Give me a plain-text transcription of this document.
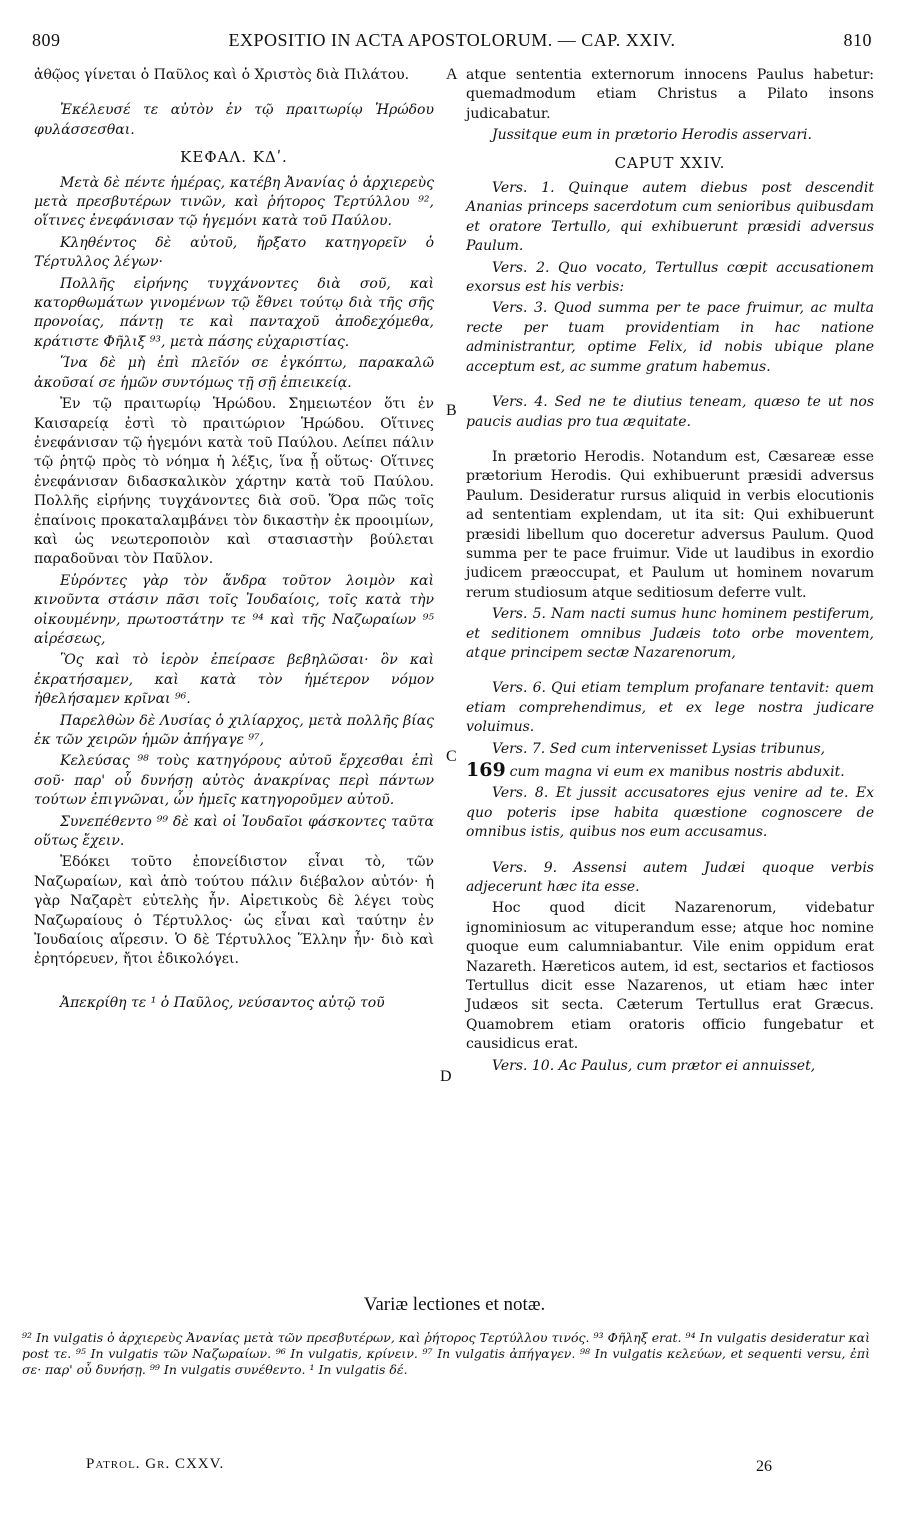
809	EXPOSITIO IN ACTA APOSTOLORUM. — CAP. XXIV.	810

ἀθῷος γίνεται ὁ Παῦλος καὶ ὁ Χριστὸς διὰ Πιλάτου.

Ἐκέλευσέ τε αὐτὸν ἐν τῷ πραιτωρίῳ Ἡρώδου φυλάσσεσθαι.

ΚΕΦΑΛ. ΚΔʹ.

Μετὰ δὲ πέντε ἡμέρας, κατέβη Ἀνανίας ὁ ἀρχιερεὺς μετὰ πρεσβυτέρων τινῶν, καὶ ῥήτορος Τερτύλλου ⁹², οἵτινες ἐνεφάνισαν τῷ ἡγεμόνι κατὰ τοῦ Παύλου.

Κληθέντος δὲ αὐτοῦ, ἤρξατο κατηγορεῖν ὁ Τέρτυλλος λέγων·

Πολλῆς εἰρήνης τυγχάνοντες διὰ σοῦ, καὶ κατορθωμάτων γινομένων τῷ ἔθνει τούτῳ διὰ τῆς σῆς προνοίας, πάντῃ τε καὶ πανταχοῦ ἀποδεχόμεθα, κράτιστε Φῆλιξ ⁹³, μετὰ πάσης εὐχαριστίας.

Ἵνα δὲ μὴ ἐπὶ πλεῖόν σε ἐγκόπτω, παρακαλῶ ἀκοῦσαί σε ἡμῶν συντόμως τῇ σῇ ἐπιεικείᾳ.

Ἐν τῷ πραιτωρίῳ Ἡρώδου. Σημειωτέον ὅτι ἐν Καισαρείᾳ ἐστὶ τὸ πραιτώριον Ἡρώδου. Οἵτινες ἐνεφάνισαν τῷ ἡγεμόνι κατὰ τοῦ Παύλου. Λείπει πάλιν τῷ ῥητῷ πρὸς τὸ νόημα ἡ λέξις, ἵνα ᾖ οὕτως· Οἵτινες ἐνεφάνισαν διδασκαλικὸν χάρτην κατὰ τοῦ Παύλου. Πολλῆς εἰρήνης τυγχάνοντες διὰ σοῦ. Ὅρα πῶς τοῖς ἐπαίνοις προκαταλαμβάνει τὸν δικαστὴν ἐκ προοιμίων, καὶ ὡς νεωτεροποιὸν καὶ στασιαστὴν βούλεται παραδοῦναι τὸν Παῦλον.

Εὑρόντες γὰρ τὸν ἄνδρα τοῦτον λοιμὸν καὶ κινοῦντα στάσιν πᾶσι τοῖς Ἰουδαίοις, τοῖς κατὰ τὴν οἰκουμένην, πρωτοστάτην τε ⁹⁴ καὶ τῆς Ναζωραίων ⁹⁵ αἱρέσεως,

Ὃς καὶ τὸ ἱερὸν ἐπείρασε βεβηλῶσαι· ὃν καὶ ἐκρατήσαμεν, καὶ κατὰ τὸν ἡμέτερον νόμον ἠθελήσαμεν κρῖναι ⁹⁶.

Παρελθὼν δὲ Λυσίας ὁ χιλίαρχος, μετὰ πολλῆς βίας ἐκ τῶν χειρῶν ἡμῶν ἀπήγαγε ⁹⁷,

Κελεύσας ⁹⁸ τοὺς κατηγόρους αὐτοῦ ἔρχεσθαι ἐπὶ σοῦ· παρ' οὗ δυνήσῃ αὐτὸς ἀνακρίνας περὶ πάντων τούτων ἐπιγνῶναι, ὧν ἡμεῖς κατηγοροῦμεν αὐτοῦ.

Συνεπέθεντο ⁹⁹ δὲ καὶ οἱ Ἰουδαῖοι φάσκοντες ταῦτα οὕτως ἔχειν.

Ἐδόκει τοῦτο ἐπονείδιστον εἶναι τὸ, τῶν Ναζωραίων, καὶ ἀπὸ τούτου πάλιν διέβαλον αὐτόν· ἡ γὰρ Ναζαρὲτ εὐτελὴς ἦν. Αἱρετικοὺς δὲ λέγει τοὺς Ναζωραίους ὁ Τέρτυλλος· ὡς εἶναι καὶ ταύτην ἐν Ἰουδαίοις αἵρεσιν. Ὁ δὲ Τέρτυλλος Ἕλλην ἦν· διὸ καὶ ἐρητόρευεν, ἤτοι ἐδικολόγει.

Ἀπεκρίθη τε ¹ ὁ Παῦλος, νεύσαντος αὐτῷ τοῦ

A
B
C
D

atque sententia externorum innocens Paulus habetur: quemadmodum etiam Christus a Pilato insons judicabatur.

Jussitque eum in prætorio Herodis asservari.

CAPUT XXIV.

Vers. 1. Quinque autem diebus post descendit Ananias princeps sacerdotum cum senioribus quibusdam et oratore Tertullo, qui exhibuerunt præsidi adversus Paulum.

Vers. 2. Quo vocato, Tertullus cœpit accusationem exorsus est his verbis:

Vers. 3. Quod summa per te pace fruimur, ac multa recte per tuam providentiam in hac natione administrantur, optime Felix, id nobis ubique plane acceptum est, ac summe gratum habemus.

Vers. 4. Sed ne te diutius teneam, quæso te ut nos paucis audias pro tua æquitate.

In prætorio Herodis. Notandum est, Cæsareæ esse prætorium Herodis. Qui exhibuerunt præsidi adversus Paulum. Desideratur rursus aliquid in verbis elocutionis ad sententiam explendam, ut ita sit: Qui exhibuerunt præsidi libellum quo doceretur adversus Paulum. Quod summa per te pace fruimur. Vide ut laudibus in exordio judicem præoccupat, et Paulum ut hominem novarum rerum studiosum atque seditiosum deferre vult.

Vers. 5. Nam nacti sumus hunc hominem pestiferum, et seditionem omnibus Judæis toto orbe moventem, atque principem sectæ Nazarenorum,

Vers. 6. Qui etiam templum profanare tentavit: quem etiam comprehendimus, et ex lege nostra judicare voluimus.

Vers. 7. Sed cum intervenisset Lysias tribunus,

169 cum magna vi eum ex manibus nostris abduxit.

Vers. 8. Et jussit accusatores ejus venire ad te. Ex quo poteris ipse habita quæstione cognoscere de omnibus istis, quibus nos eum accusamus.

Vers. 9. Assensi autem Judæi quoque verbis adjecerunt hæc ita esse.

Hoc quod dicit Nazarenorum, videbatur ignominiosum ac vituperandum esse; atque hoc nomine quoque eum calumniabantur. Vile enim oppidum erat Nazareth. Hæreticos autem, id est, sectarios et factiosos Tertullus dicit esse Nazarenos, ut etiam hæc inter Judæos sit secta. Cæterum Tertullus erat Græcus. Quamobrem etiam oratoris officio fungebatur et causidicus erat.

Vers. 10. Ac Paulus, cum prætor ei annuisset,

Variæ lectiones et notæ.
⁹² In vulgatis ὁ ἀρχιερεὺς Ἀνανίας μετὰ τῶν πρεσβυτέρων, καὶ ῥήτορος Τερτύλλου τινός. ⁹³ Φῆληξ erat. ⁹⁴ In vulgatis desideratur καὶ post τε. ⁹⁵ In vulgatis τῶν Ναζωραίων. ⁹⁶ In vulgatis, κρίνειν. ⁹⁷ In vulgatis ἀπήγαγεν. ⁹⁸ In vulgatis κελεύων, et sequenti versu, ἐπὶ σε· παρ' οὗ δυνήσῃ. ⁹⁹ In vulgatis συνέθεντο. ¹ In vulgatis δέ.
Patrol. Gr. CXXV.	26
